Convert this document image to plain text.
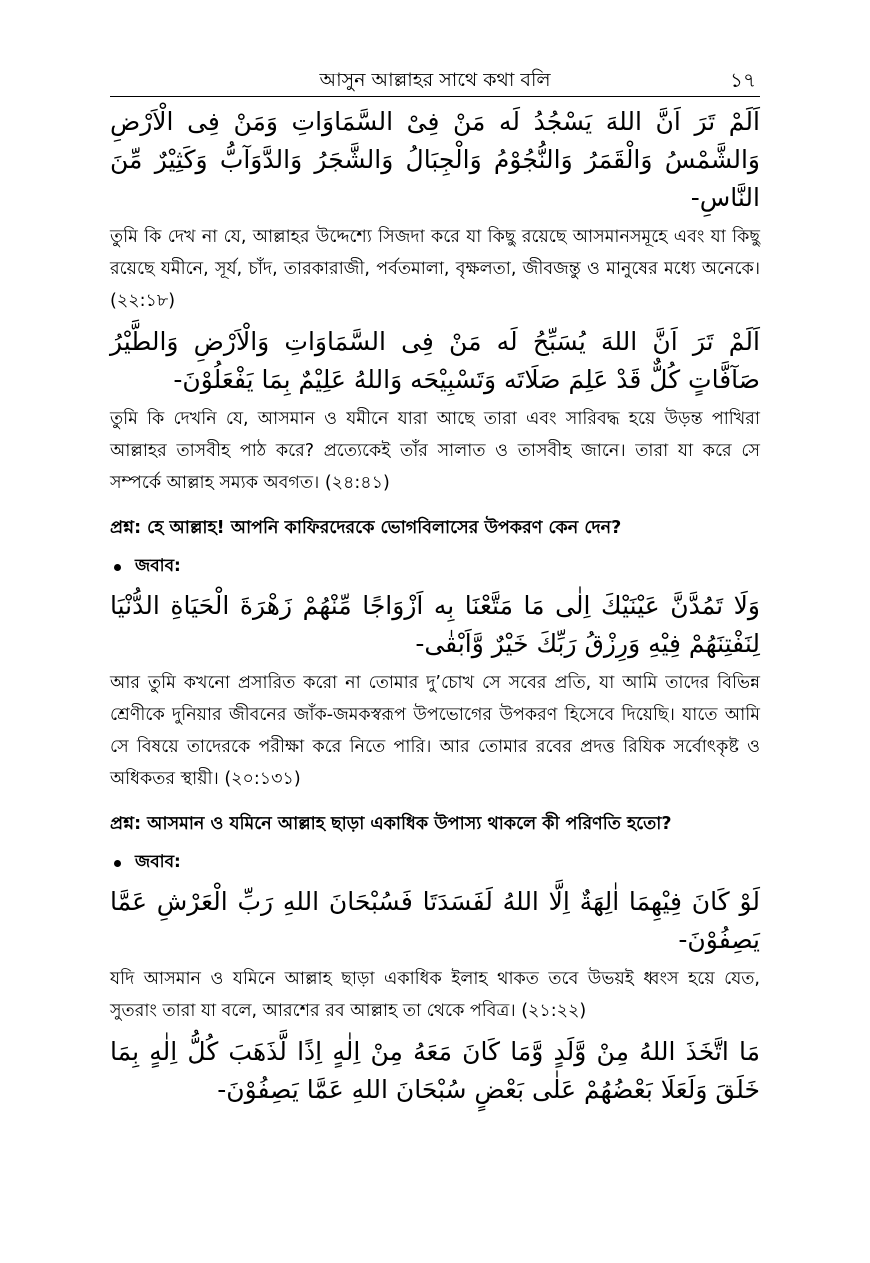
আসুন আল্লাহর সাথে কথা বলি	১৭
اَلَمْ تَرَ اَنَّ اللهَ يَسْجُدُ لَه مَنْ فِىْ السَّمَاوَاتِ وَمَنْ فِى الْاَرْضِ وَالشَّمْسُ وَالْقَمَرُ وَالنُّجُوْمُ وَالْجِبَالُ وَالشَّجَرُ وَالدَّوَآبُّ وَكَثِيْرٌ مِّنَ النَّاسِ-
তুমি কি দেখ না যে, আল্লাহর উদ্দেশ্যে সিজদা করে যা কিছু রয়েছে আসমানসমূহে এবং যা কিছু রয়েছে যমীনে, সূর্য, চাঁদ, তারকারাজী, পর্বতমালা, বৃক্ষলতা, জীবজন্তু ও মানুষের মধ্যে অনেকে। (২২:১৮)
اَلَمْ تَرَ اَنَّ اللهَ يُسَبِّحُ لَه مَنْ فِى السَّمَاوَاتِ وَالْاَرْضِ وَالطَّيْرُ صَآفَّاتٍ كُلٌّ قَدْ عَلِمَ صَلَاتَه وَتَسْبِيْحَه وَاللهُ عَلِيْمٌ بِمَا يَفْعَلُوْنَ-
তুমি কি দেখনি যে, আসমান ও যমীনে যারা আছে তারা এবং সারিবদ্ধ হয়ে উড়ন্ত পাখিরা আল্লাহর তাসবীহ পাঠ করে? প্রত্যেকেই তাঁর সালাত ও তাসবীহ জানে। তারা যা করে সে সম্পর্কে আল্লাহ সম্যক অবগত। (২৪:৪১)
প্রশ্ন: হে আল্লাহ! আপনি কাফিরদেরকে ভোগবিলাসের উপকরণ কেন দেন?
জবাব:
وَلَا تَمُدَّنَّ عَيْنَيْكَ اِلٰى مَا مَتَّعْنَا بِه اَزْوَاجًا مِّنْهُمْ زَهْرَةَ الْحَيَاةِ الدُّنْيَا لِنَفْتِنَهُمْ فِيْهِ وَرِزْقُ رَبِّكَ خَيْرٌ وَّاَبْقٰى-
আর তুমি কখনো প্রসারিত করো না তোমার দু’চোখ সে সবের প্রতি, যা আমি তাদের বিভিন্ন শ্রেণীকে দুনিয়ার জীবনের জাঁক-জমকস্বরূপ উপভোগের উপকরণ হিসেবে দিয়েছি। যাতে আমি সে বিষয়ে তাদেরকে পরীক্ষা করে নিতে পারি। আর তোমার রবের প্রদত্ত রিযিক সর্বোৎকৃষ্ট ও অধিকতর স্থায়ী। (২০:১৩১)
প্রশ্ন: আসমান ও যমিনে আল্লাহ ছাড়া একাধিক উপাস্য থাকলে কী পরিণতি হতো?
জবাব:
لَوْ كَانَ فِيْهِمَا اٰلِهَةٌ اِلَّا اللهُ لَفَسَدَتَا فَسُبْحَانَ اللهِ رَبِّ الْعَرْشِ عَمَّا يَصِفُوْنَ-
যদি আসমান ও যমিনে আল্লাহ ছাড়া একাধিক ইলাহ থাকত তবে উভয়ই ধ্বংস হয়ে যেত, সুতরাং তারা যা বলে, আরশের রব আল্লাহ তা থেকে পবিত্র। (২১:২২)
مَا اتَّخَذَ اللهُ مِنْ وَّلَدٍ وَّمَا كَانَ مَعَهُ مِنْ اِلٰهٍ اِذًا لَّذَهَبَ كُلُّ اِلٰهٍ بِمَا خَلَقَ وَلَعَلَا بَعْضُهُمْ عَلٰى بَعْضٍ سُبْحَانَ اللهِ عَمَّا يَصِفُوْنَ-
